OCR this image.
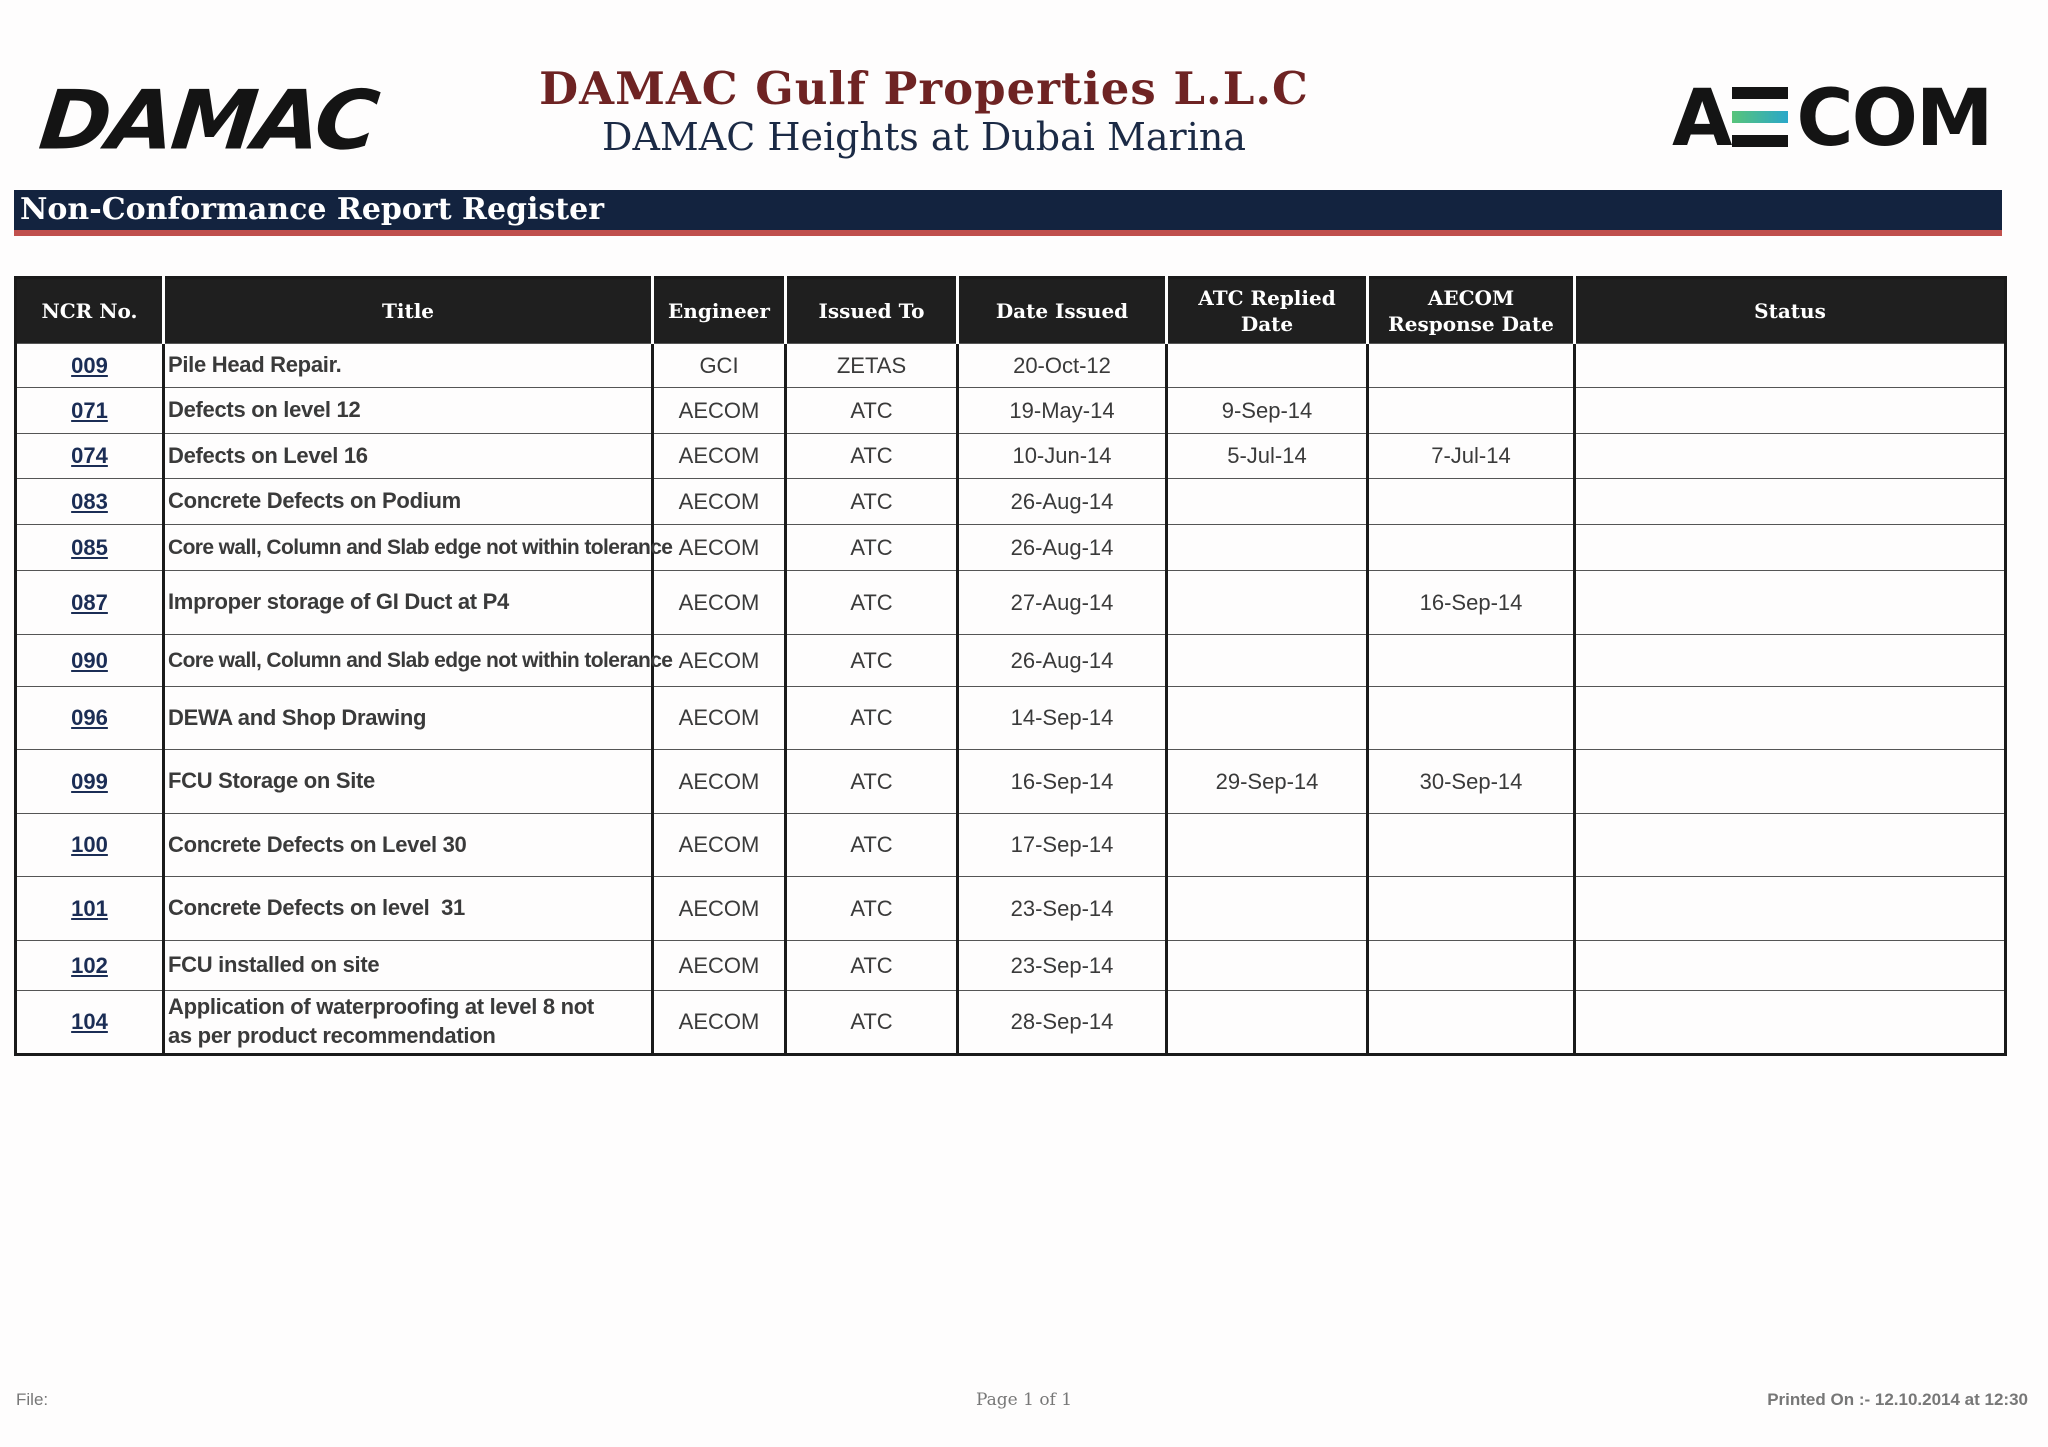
DAMAC	DAMAC Gulf Properties L.L.C
DAMAC Heights at Dubai Marina	A COM
Non-Conformance Report Register
NCR No.	Title	Engineer	Issued To	Date Issued	ATC Replied Date	AECOM Response Date	Status
009	Pile Head Repair.	GCI	ZETAS	20-Oct-12			
071	Defects on level 12	AECOM	ATC	19-May-14	9-Sep-14		
074	Defects on Level 16	AECOM	ATC	10-Jun-14	5-Jul-14	7-Jul-14	
083	Concrete Defects on Podium	AECOM	ATC	26-Aug-14			
085	Core wall, Column and Slab edge not within tolerance	AECOM	ATC	26-Aug-14			
087	Improper storage of GI Duct at P4	AECOM	ATC	27-Aug-14		16-Sep-14	
090	Core wall, Column and Slab edge not within tolerance	AECOM	ATC	26-Aug-14			
096	DEWA and Shop Drawing	AECOM	ATC	14-Sep-14			
099	FCU Storage on Site	AECOM	ATC	16-Sep-14	29-Sep-14	30-Sep-14	
100	Concrete Defects on Level 30	AECOM	ATC	17-Sep-14			
101	Concrete Defects on level  31	AECOM	ATC	23-Sep-14			
102	FCU installed on site	AECOM	ATC	23-Sep-14			
104	Application of waterproofing at level 8 not as per product recommendation	AECOM	ATC	28-Sep-14			
File:	Page 1 of 1	Printed On :- 12.10.2014 at 12:30
